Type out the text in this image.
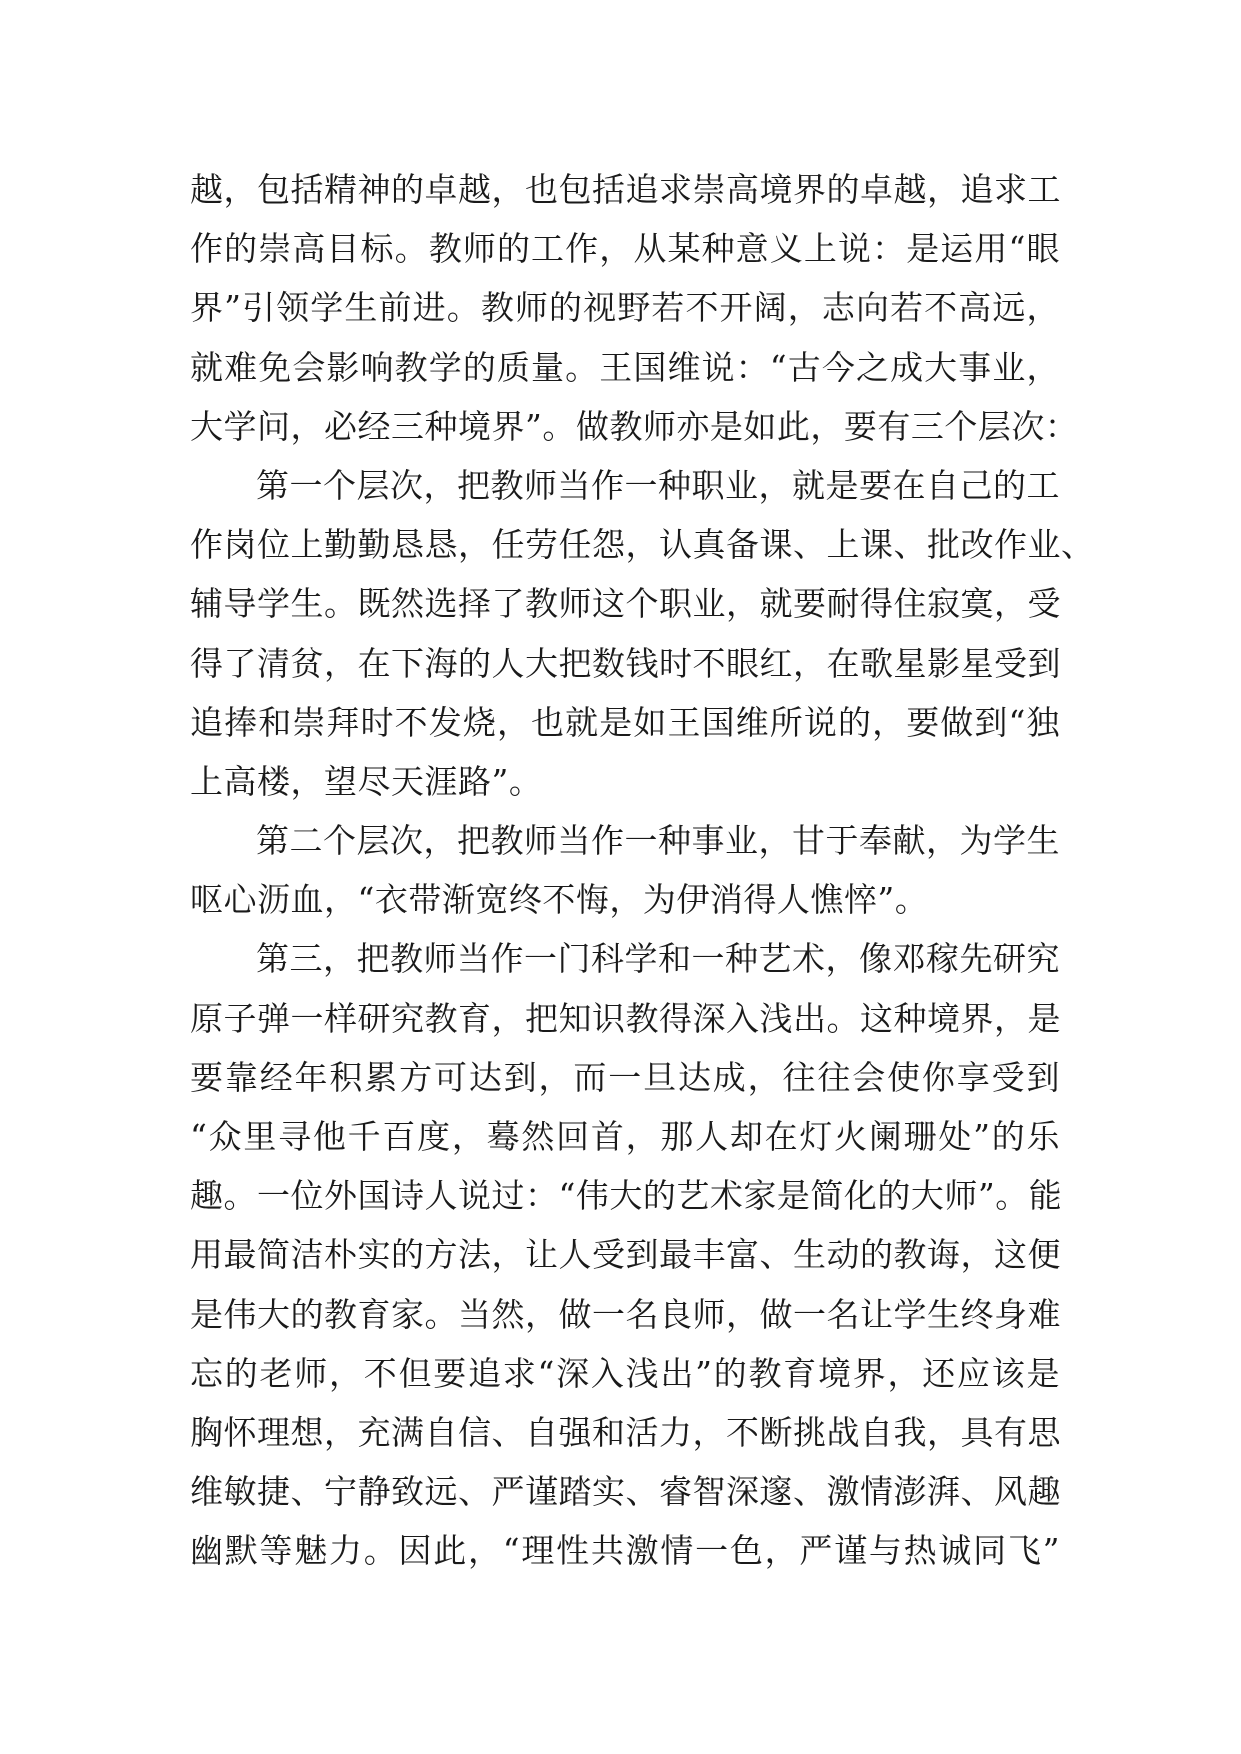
越，包括精神的卓越，也包括追求崇高境界的卓越，追求工
作的崇高目标。教师的工作，从某种意义上说：是运用“眼
界”引领学生前进。教师的视野若不开阔，志向若不高远，
就难免会影响教学的质量。王国维说：“古今之成大事业，
大学问，必经三种境界”。做教师亦是如此，要有三个层次：
第一个层次，把教师当作一种职业，就是要在自己的工
作岗位上勤勤恳恳，任劳任怨，认真备课、上课、批改作业、
辅导学生。既然选择了教师这个职业，就要耐得住寂寞，受
得了清贫，在下海的人大把数钱时不眼红，在歌星影星受到
追捧和崇拜时不发烧，也就是如王国维所说的，要做到“独
上高楼，望尽天涯路”。
第二个层次，把教师当作一种事业，甘于奉献，为学生
呕心沥血，“衣带渐宽终不悔，为伊消得人憔悴”。
第三，把教师当作一门科学和一种艺术，像邓稼先研究
原子弹一样研究教育，把知识教得深入浅出。这种境界，是
要靠经年积累方可达到，而一旦达成，往往会使你享受到
“众里寻他千百度，蓦然回首，那人却在灯火阑珊处”的乐
趣。一位外国诗人说过：“伟大的艺术家是简化的大师”。能
用最简洁朴实的方法，让人受到最丰富、生动的教诲，这便
是伟大的教育家。当然，做一名良师，做一名让学生终身难
忘的老师，不但要追求“深入浅出”的教育境界，还应该是
胸怀理想，充满自信、自强和活力，不断挑战自我，具有思
维敏捷、宁静致远、严谨踏实、睿智深邃、激情澎湃、风趣
幽默等魅力。因此，“理性共激情一色，严谨与热诚同飞”
